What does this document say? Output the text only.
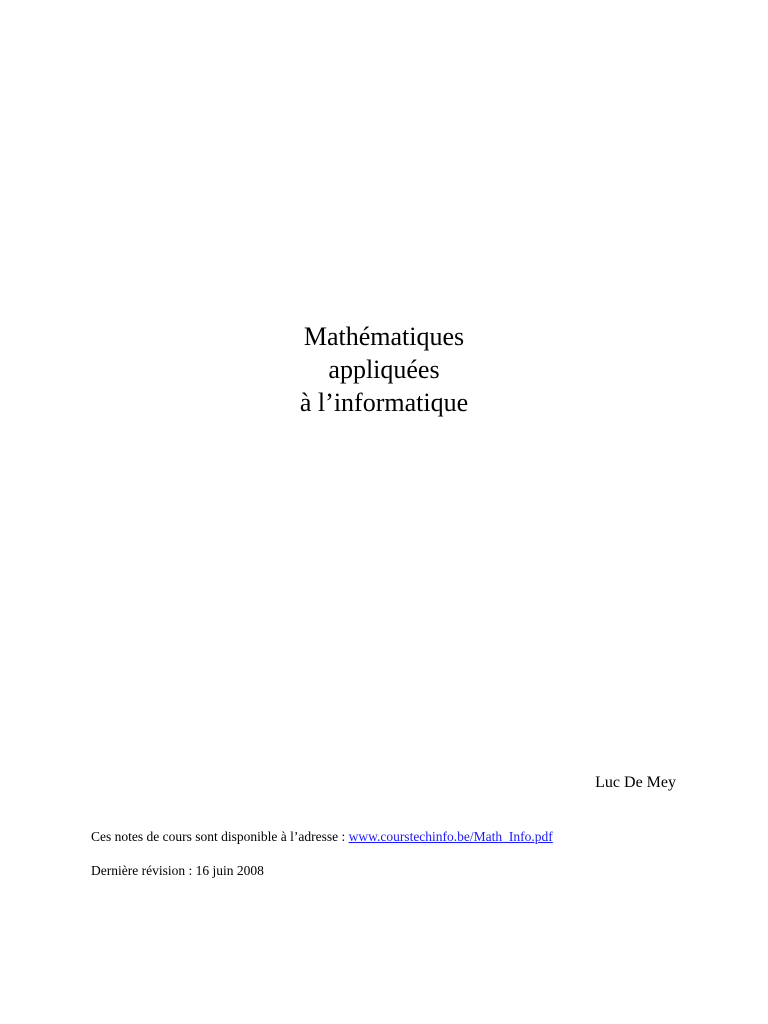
Mathématiques
appliquées
à l’informatique
Luc De Mey
Ces notes de cours sont disponible à l’adresse : www.courstechinfo.be/Math_Info.pdf
Dernière révision : 16 juin 2008
